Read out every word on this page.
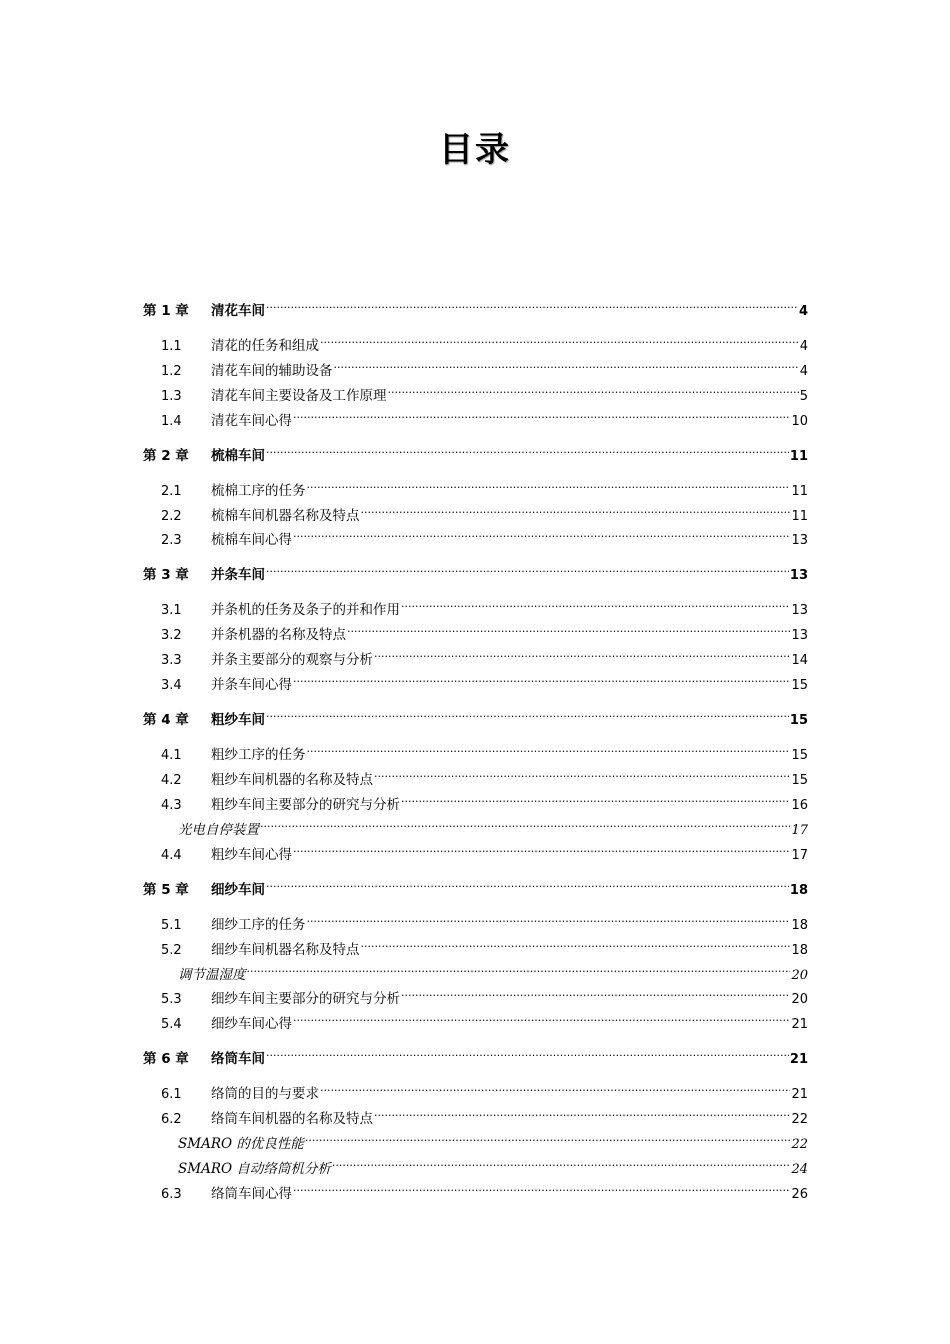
目录
第 1 章	清花车间 .....	4
1.1	清花的任务和组成 .....	4
1.2	清花车间的辅助设备 .....	4
1.3	清花车间主要设备及工作原理 .....	5
1.4	清花车间心得 .....	10
第 2 章	梳棉车间 .....	11
2.1	梳棉工序的任务 .....	11
2.2	梳棉车间机器名称及特点 .....	11
2.3	梳棉车间心得 .....	13
第 3 章	并条车间 .....	13
3.1	并条机的任务及条子的并和作用 .....	13
3.2	并条机器的名称及特点 .....	13
3.3	并条主要部分的观察与分析 .....	14
3.4	并条车间心得 .....	15
第 4 章	粗纱车间 .....	15
4.1	粗纱工序的任务 .....	15
4.2	粗纱车间机器的名称及特点 .....	15
4.3	粗纱车间主要部分的研究与分析 .....	16
光电自停装置 .....	17
4.4	粗纱车间心得 .....	17
第 5 章	细纱车间 .....	18
5.1	细纱工序的任务 .....	18
5.2	细纱车间机器名称及特点 .....	18
调节温湿度 .....	20
5.3	细纱车间主要部分的研究与分析 .....	20
5.4	细纱车间心得 .....	21
第 6 章	络筒车间 .....	21
6.1	络筒的目的与要求 .....	21
6.2	络筒车间机器的名称及特点 .....	22
SMARO 的优良性能 .....	22
SMARO 自动络筒机分析 .....	24
6.3	络筒车间心得 .....	26
